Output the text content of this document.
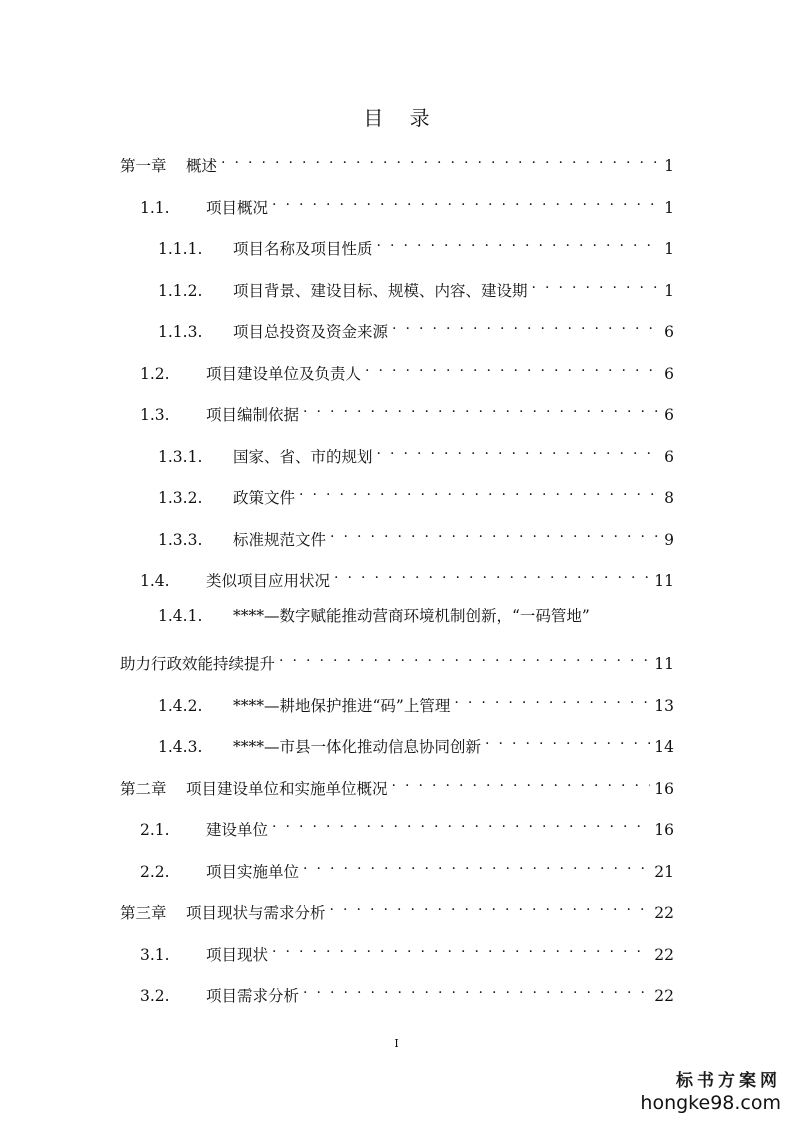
目 录
第一章	概述 . . .	1
1.1.	项目概况 . . .	1
1.1.1.	项目名称及项目性质 . . .	1
1.1.2.	项目背景、建设目标、规模、内容、建设期 . . .	1
1.1.3.	项目总投资及资金来源 . . .	6
1.2.	项目建设单位及负责人 . . .	6
1.3.	项目编制依据 . . .	6
1.3.1.	国家、省、市的规划 . . .	6
1.3.2.	政策文件 . . .	8
1.3.3.	标准规范文件 . . .	9
1.4.	类似项目应用状况 . . .	11
1.4.1.	****—数字赋能推动营商环境机制创新，“一码管地”
助力行政效能持续提升 . . .	11
1.4.2.	****—耕地保护推进“码”上管理 . . .	13
1.4.3.	****—市县一体化推动信息协同创新 . . .	14
第二章	项目建设单位和实施单位概况 . . .	16
2.1.	建设单位 . . .	16
2.2.	项目实施单位 . . .	21
第三章	项目现状与需求分析 . . .	22
3.1.	项目现状 . . .	22
3.2.	项目需求分析 . . .	22
I
标书方案网
hongke98.com
